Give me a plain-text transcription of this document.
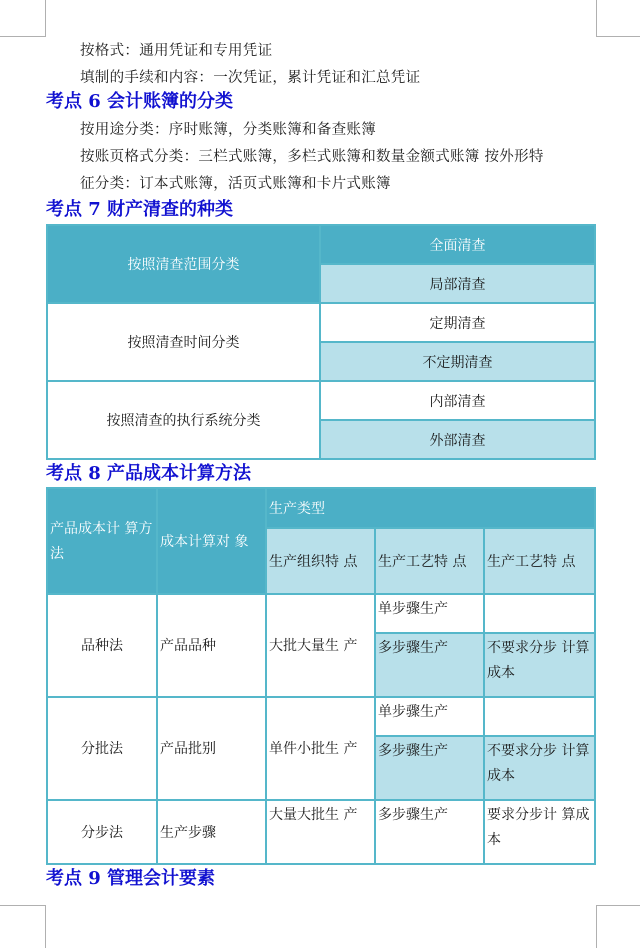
按格式：通用凭证和专用凭证
填制的手续和内容：一次凭证，累计凭证和汇总凭证
考点 6 会计账簿的分类
按用途分类：序时账簿，分类账簿和备查账簿
按账页格式分类：三栏式账簿，多栏式账簿和数量金额式账簿 按外形特
征分类：订本式账簿，活页式账簿和卡片式账簿
考点 7 财产清查的种类
按照清查范围分类	全面清查
	局部清查
按照清查时间分类	定期清查
	不定期清查
按照清查的执行系统分类	内部清查
	外部清查
考点 8 产品成本计算方法
产品成本计 算方法	成本计算对 象	生产类型		
		生产组织特 点	生产工艺特 点	生产工艺特 点
品种法	产品品种	大批大量生 产	单步骤生产	
			多步骤生产	不要求分步 计算成本
分批法	产品批别	单件小批生 产	单步骤生产	
			多步骤生产	不要求分步 计算成本
分步法	生产步骤	大量大批生 产	多步骤生产	要求分步计 算成本
考点 9 管理会计要素
